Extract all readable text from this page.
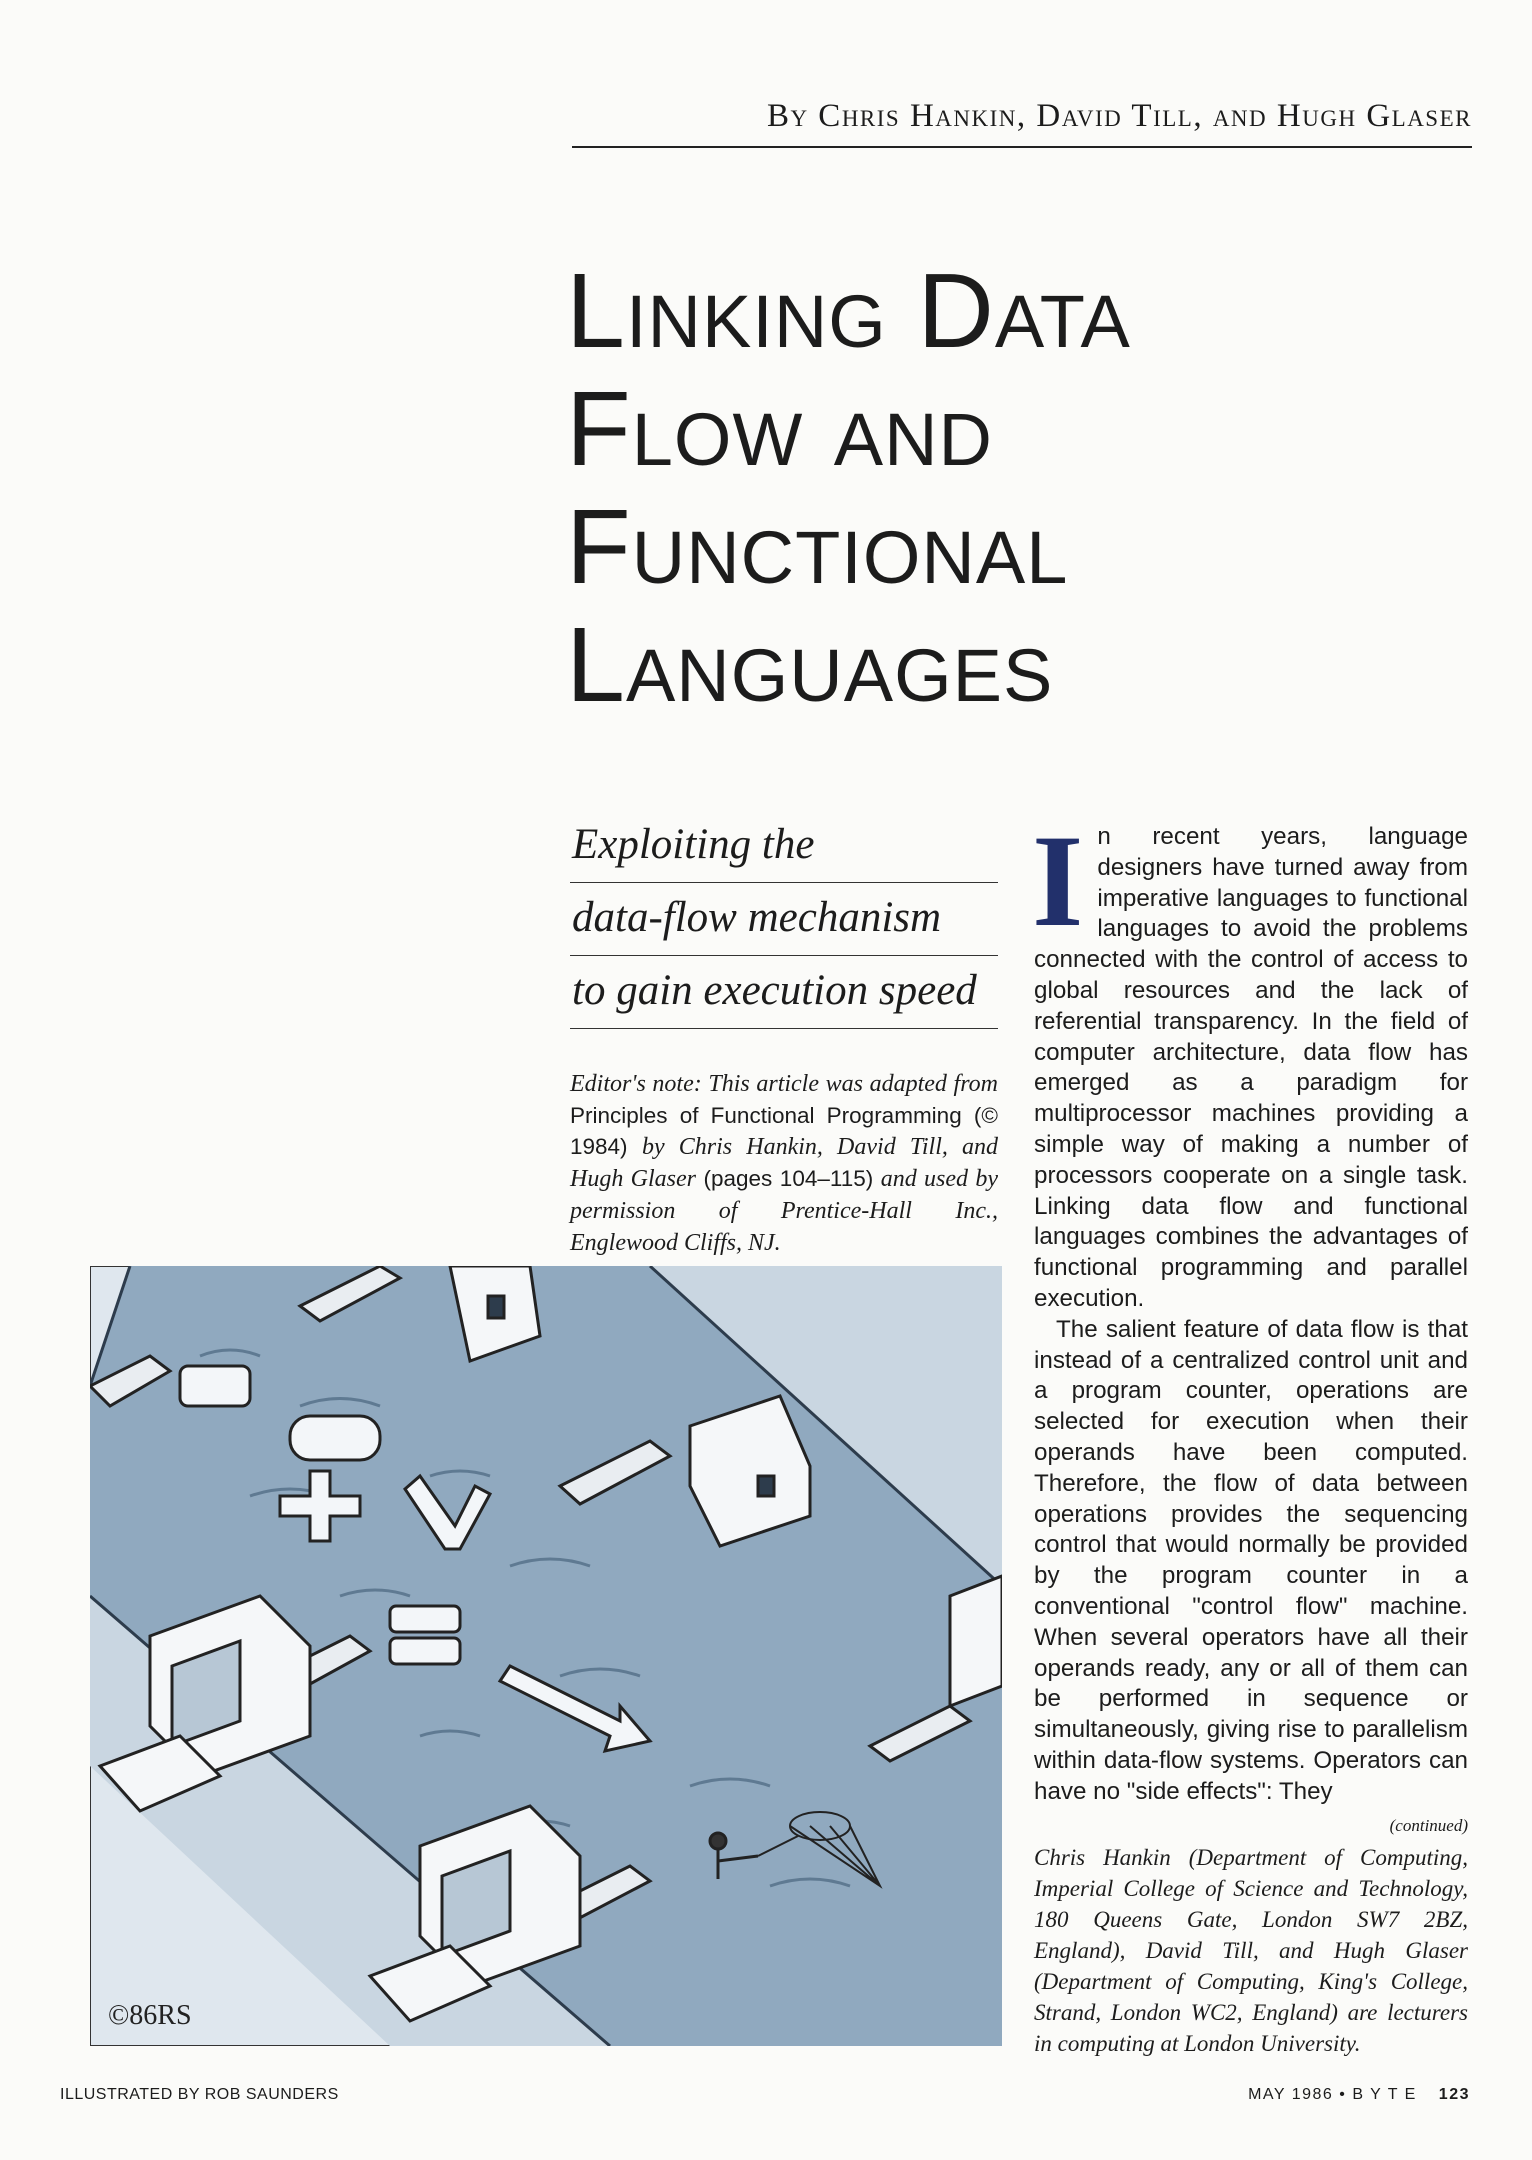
By Chris Hankin, David Till, and Hugh Glaser
Linking Data
Flow and
Functional
Languages
Exploiting the
data-flow mechanism
to gain execution speed
Editor's note: This article was adapted from Principles of Functional Programming (© 1984) by Chris Hankin, David Till, and Hugh Glaser (pages 104–115) and used by permission of Prentice-Hall Inc., Englewood Cliffs, NJ.
©86RS

In recent years, language designers have turned away from imperative languages to functional languages to avoid the problems connected with the control of access to global resources and the lack of referential transparency. In the field of computer architecture, data flow has emerged as a paradigm for multiprocessor machines providing a simple way of making a number of processors cooperate on a single task. Linking data flow and functional languages combines the advantages of functional programming and parallel execution.

The salient feature of data flow is that instead of a centralized control unit and a program counter, operations are selected for execution when their operands have been computed. Therefore, the flow of data between operations provides the sequencing control that would normally be provided by the program counter in a conventional "control flow" machine. When several operators have all their operands ready, any or all of them can be performed in sequence or simultaneously, giving rise to parallelism within data-flow systems. Operators can have no "side effects": They

(continued)
Chris Hankin (Department of Computing, Imperial College of Science and Technology, 180 Queens Gate, London SW7 2BZ, England), David Till, and Hugh Glaser (Department of Computing, King's College, Strand, London WC2, England) are lecturers in computing at London University.
ILLUSTRATED BY ROB SAUNDERS	MAY 1986 • B Y T E 123
